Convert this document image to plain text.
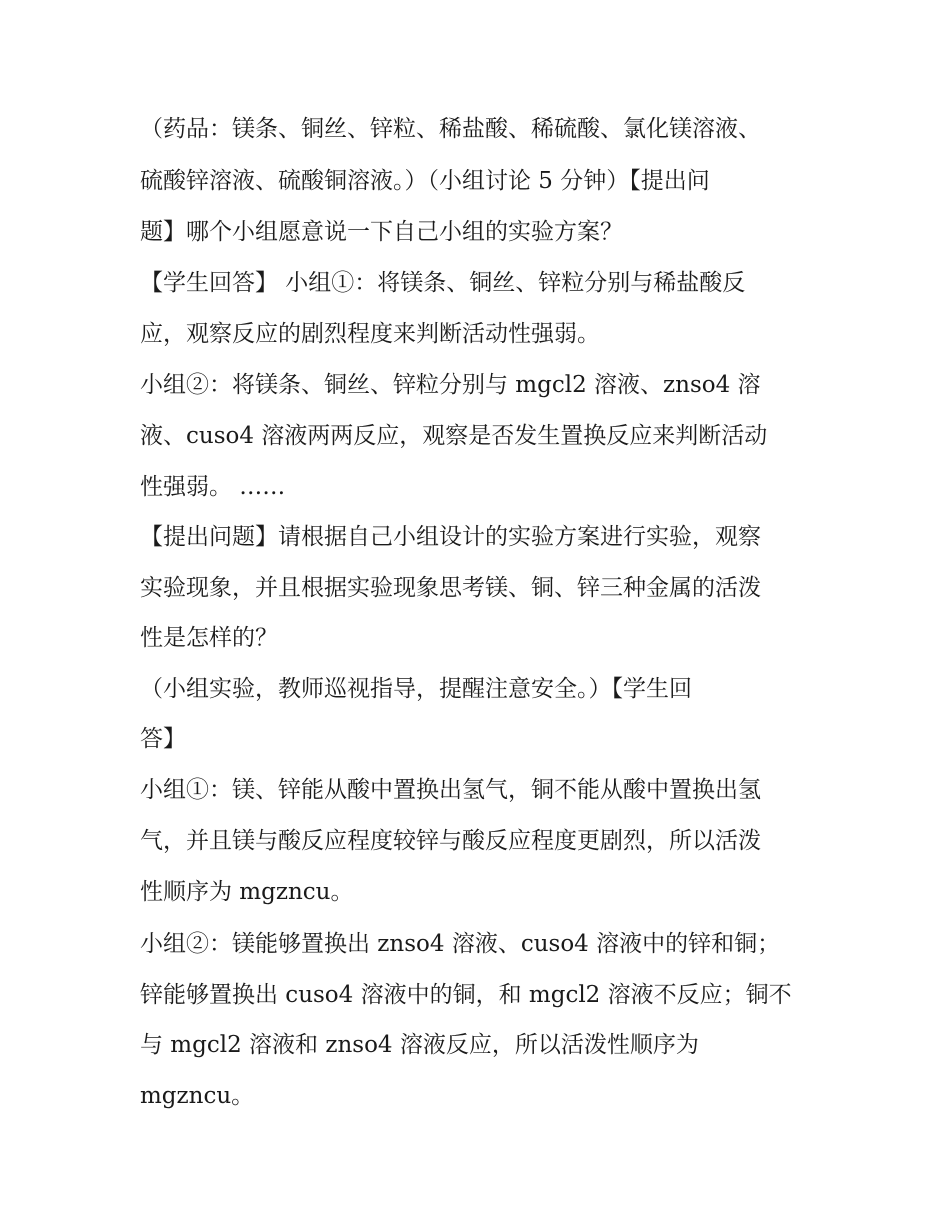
（药品：镁条、铜丝、锌粒、稀盐酸、稀硫酸、氯化镁溶液、
硫酸锌溶液、硫酸铜溶液。）（小组讨论 5 分钟）【提出问
题】哪个小组愿意说一下自己小组的实验方案？
【学生回答】 小组①：将镁条、铜丝、锌粒分别与稀盐酸反
应，观察反应的剧烈程度来判断活动性强弱。
小组②：将镁条、铜丝、锌粒分别与 mgcl2 溶液、znso4 溶
液、cuso4 溶液两两反应，观察是否发生置换反应来判断活动
性强弱。 ……
【提出问题】请根据自己小组设计的实验方案进行实验，观察
实验现象，并且根据实验现象思考镁、铜、锌三种金属的活泼
性是怎样的？
（小组实验，教师巡视指导，提醒注意安全。）【学生回
答】
小组①：镁、锌能从酸中置换出氢气，铜不能从酸中置换出氢
气，并且镁与酸反应程度较锌与酸反应程度更剧烈，所以活泼
性顺序为 mgzncu。
小组②：镁能够置换出 znso4 溶液、cuso4 溶液中的锌和铜；
锌能够置换出 cuso4 溶液中的铜，和 mgcl2 溶液不反应；铜不
与 mgcl2 溶液和 znso4 溶液反应，所以活泼性顺序为
mgzncu。
